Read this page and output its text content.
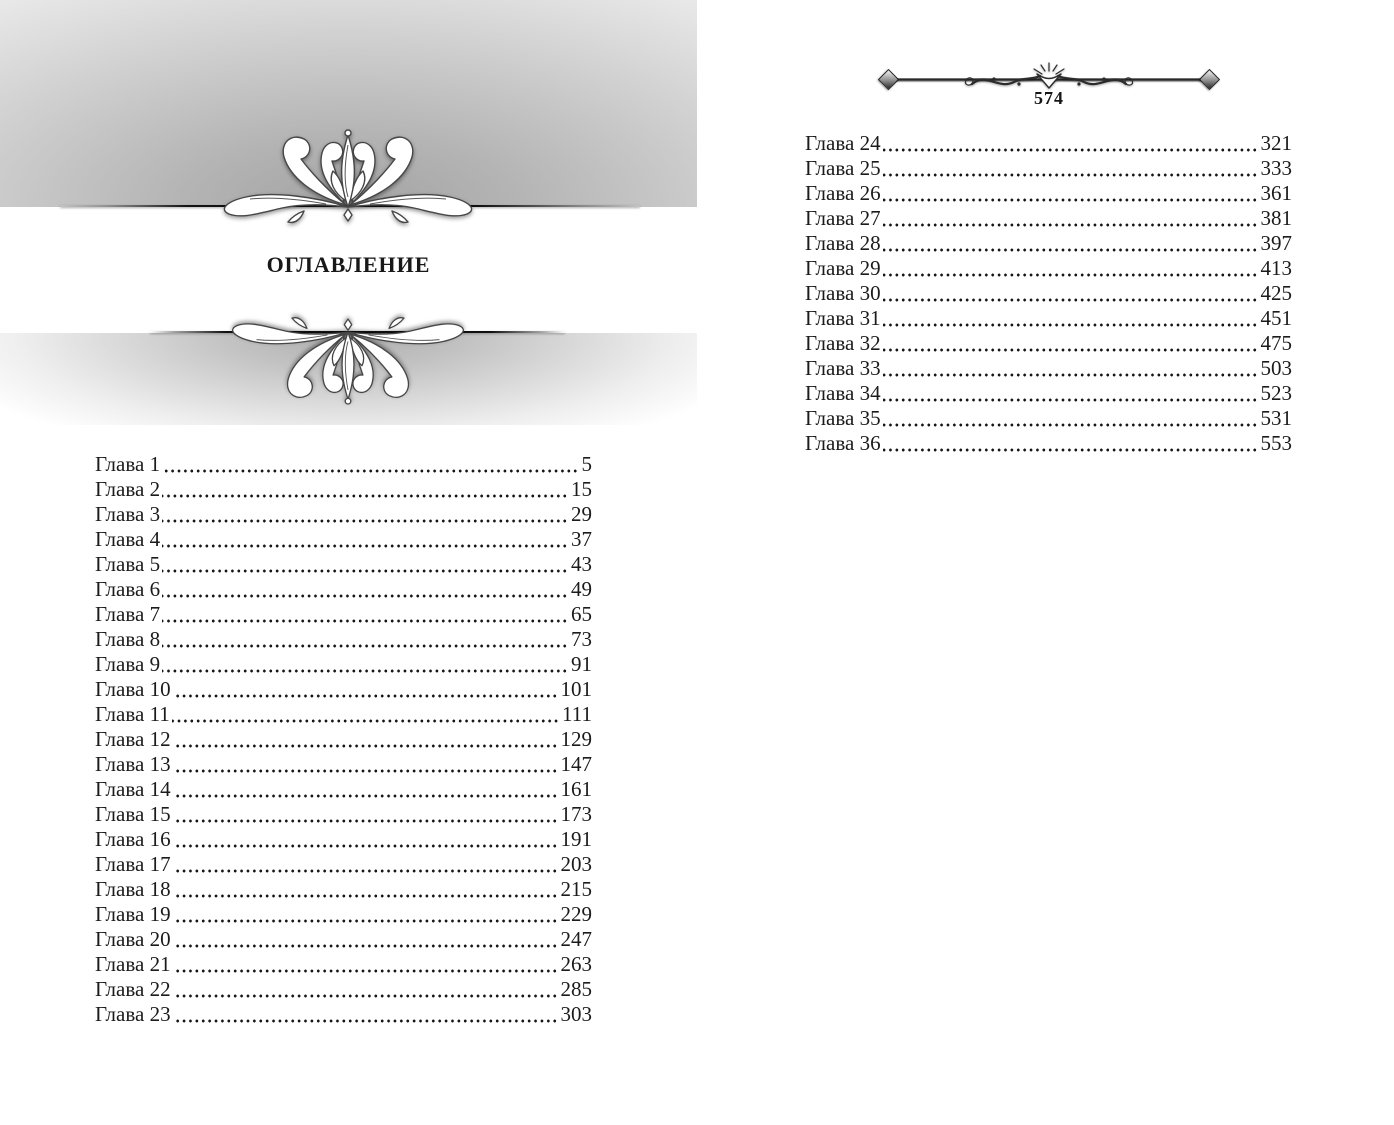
ОГЛАВЛЕНИЕ
Глава 1	5
Глава 2	15
Глава 3	29
Глава 4	37
Глава 5	43
Глава 6	49
Глава 7	65
Глава 8	73
Глава 9	91
Глава 10	101
Глава 11	111
Глава 12	129
Глава 13	147
Глава 14	161
Глава 15	173
Глава 16	191
Глава 17	203
Глава 18	215
Глава 19	229
Глава 20	247
Глава 21	263
Глава 22	285
Глава 23	303
574
Глава 24	321
Глава 25	333
Глава 26	361
Глава 27	381
Глава 28	397
Глава 29	413
Глава 30	425
Глава 31	451
Глава 32	475
Глава 33	503
Глава 34	523
Глава 35	531
Глава 36	553
